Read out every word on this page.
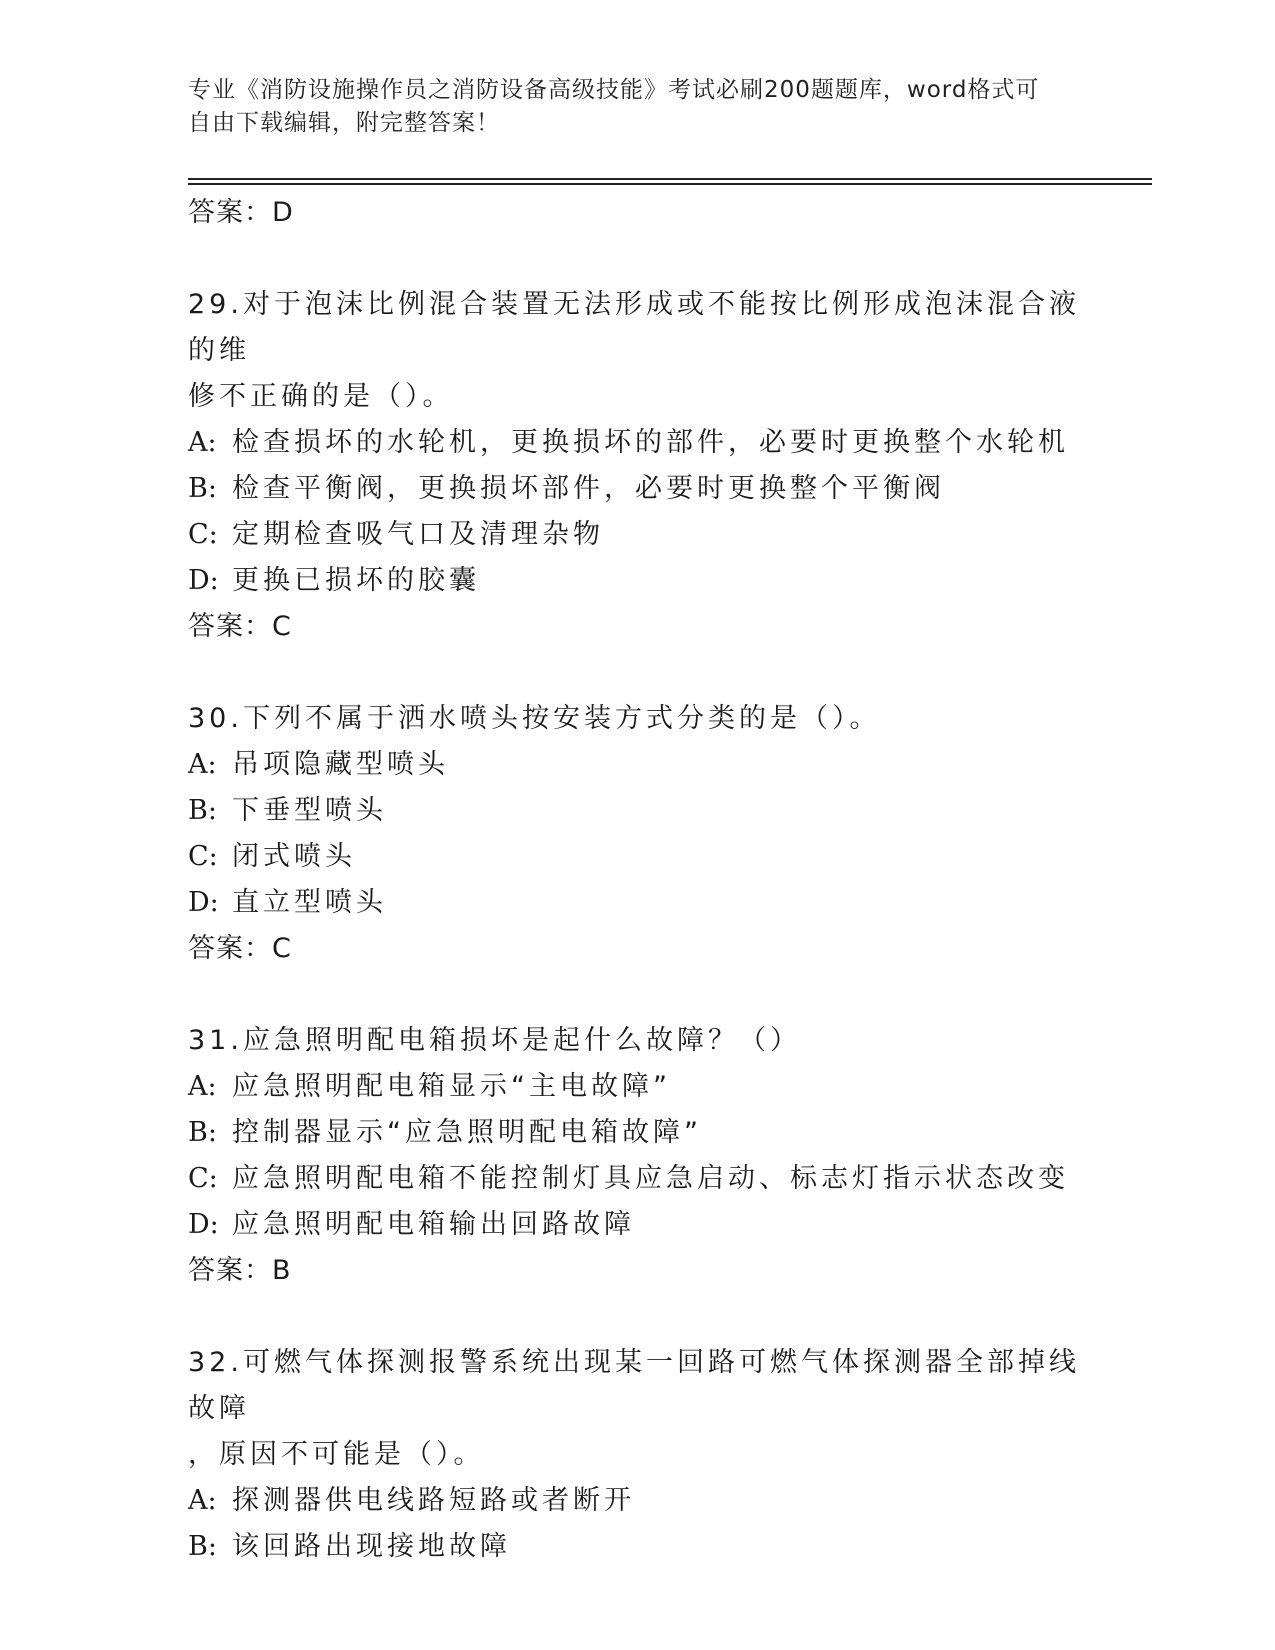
专业《消防设施操作员之消防设备高级技能》考试必刷200题题库，word格式可
自由下载编辑，附完整答案！

答案：D

29.对于泡沫比例混合装置无法形成或不能按比例形成泡沫混合液的维

修不正确的是（）。

A: 检查损坏的水轮机，更换损坏的部件，必要时更换整个水轮机

B: 检查平衡阀，更换损坏部件，必要时更换整个平衡阀

C: 定期检查吸气口及清理杂物

D: 更换已损坏的胶囊

答案：C

30.下列不属于洒水喷头按安装方式分类的是（）。

A: 吊项隐藏型喷头

B: 下垂型喷头

C: 闭式喷头

D: 直立型喷头

答案：C

31.应急照明配电箱损坏是起什么故障？（）

A: 应急照明配电箱显示“主电故障”

B: 控制器显示“应急照明配电箱故障”

C: 应急照明配电箱不能控制灯具应急启动、标志灯指示状态改变

D: 应急照明配电箱输出回路故障

答案：B

32.可燃气体探测报警系统出现某一回路可燃气体探测器全部掉线故障

，原因不可能是（）。

A: 探测器供电线路短路或者断开

B: 该回路出现接地故障
